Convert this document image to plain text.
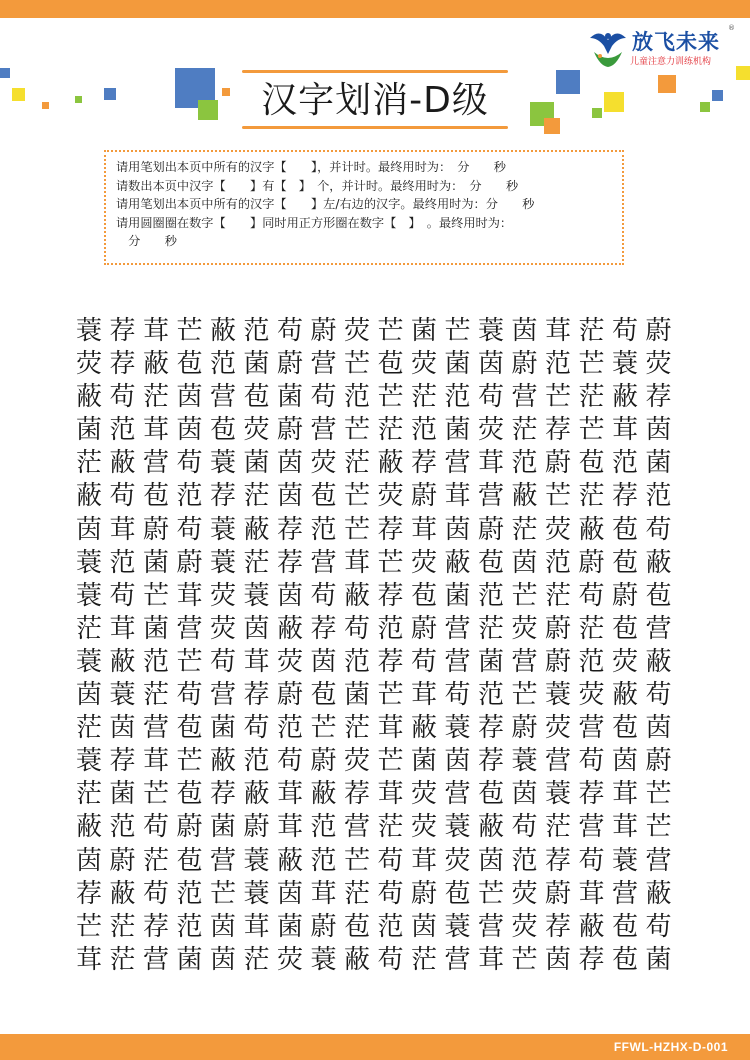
放飞未来
®
儿童注意力训练机构
汉字划消-D级
请用笔划出本页中所有的汉字【　　】，并计时。最终用时为：　分　　秒
请数出本页中汉字【　　】有【　】　个，并计时。最终用时为：　分　　秒
请用笔划出本页中所有的汉字【　　】左/右边的汉字。最终用时为：分　　秒
请用圆圈圈在数字【　　】同时用正方形圈在数字【　】　。最终用时为：
　分　　秒
蓑 荐 茸 芒 蔽 范 苟 蔚 荧 芒 菌 芒 蓑 茵 茸 茫 苟 蔚
荧 荐 蔽 苞 范 菌 蔚 营 芒 苞 荧 菌 茵 蔚 范 芒 蓑 荧
蔽 苟 茫 茵 营 苞 菌 苟 范 芒 茫 范 苟 营 芒 茫 蔽 荐
菌 范 茸 茵 苞 荧 蔚 营 芒 茫 范 菌 荧 茫 荐 芒 茸 茵
茫 蔽 营 苟 蓑 菌 茵 荧 茫 蔽 荐 营 茸 范 蔚 苞 范 菌
蔽 苟 苞 范 荐 茫 茵 苞 芒 荧 蔚 茸 营 蔽 芒 茫 荐 范
茵 茸 蔚 苟 蓑 蔽 荐 范 芒 荐 茸 茵 蔚 茫 荧 蔽 苞 苟
蓑 范 菌 蔚 蓑 茫 荐 营 茸 芒 荧 蔽 苞 茵 范 蔚 苞 蔽
蓑 苟 芒 茸 荧 蓑 茵 苟 蔽 荐 苞 菌 范 芒 茫 苟 蔚 苞
茫 茸 菌 营 荧 茵 蔽 荐 苟 范 蔚 营 茫 荧 蔚 茫 苞 营
蓑 蔽 范 芒 苟 茸 荧 茵 范 荐 苟 营 菌 营 蔚 范 荧 蔽
茵 蓑 茫 苟 营 荐 蔚 苞 菌 芒 茸 苟 范 芒 蓑 荧 蔽 苟
茫 茵 营 苞 菌 苟 范 芒 茫 茸 蔽 蓑 荐 蔚 荧 营 苞 茵
蓑 荐 茸 芒 蔽 范 苟 蔚 荧 芒 菌 茵 荐 蓑 营 苟 茵 蔚
茫 菌 芒 苞 荐 蔽 茸 蔽 荐 茸 荧 营 苞 茵 蓑 荐 茸 芒
蔽 范 苟 蔚 菌 蔚 茸 范 营 茫 荧 蓑 蔽 苟 茫 营 茸 芒
茵 蔚 茫 苞 营 蓑 蔽 范 芒 苟 茸 荧 茵 范 荐 苟 蓑 营
荐 蔽 苟 范 芒 蓑 茵 茸 茫 苟 蔚 苞 芒 荧 蔚 茸 营 蔽
芒 茫 荐 范 茵 茸 菌 蔚 苞 范 茵 蓑 营 荧 荐 蔽 苞 苟
茸 茫 营 菌 茵 茫 荧 蓑 蔽 苟 茫 营 茸 芒 茵 荐 苞 菌
FFWL-HZHX-D-001
